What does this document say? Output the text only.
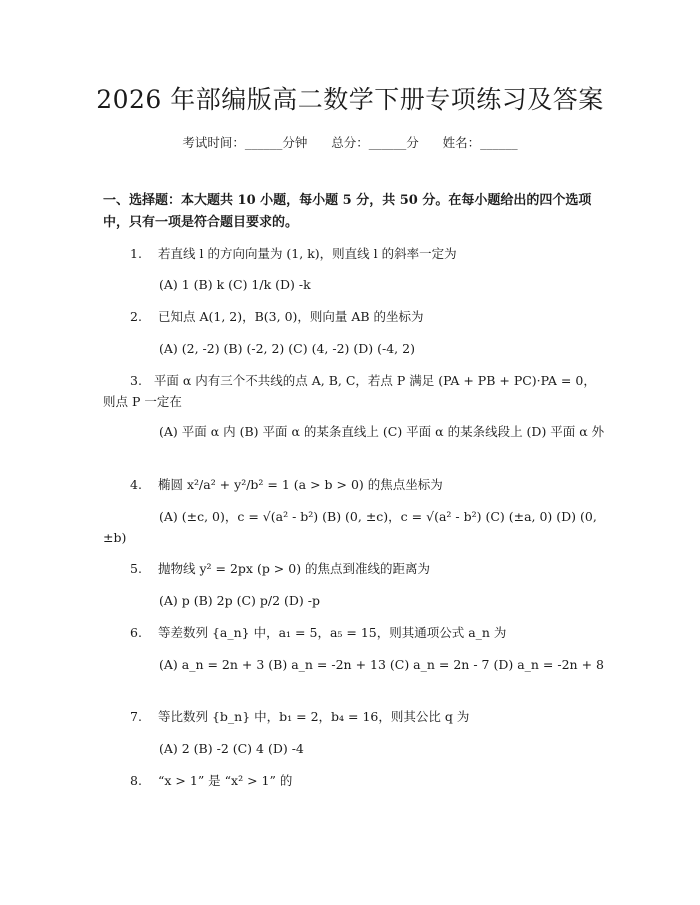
2026 年部编版高二数学下册专项练习及答案
考试时间：______分钟      总分：______分      姓名：______
一、选择题：本大题共 10 小题，每小题 5 分，共 50 分。在每小题给出的四个选项中，只有一项是符合题目要求的。
1. 若直线 l 的方向向量为 (1, k)，则直线 l 的斜率一定为
(A) 1 (B) k (C) 1/k (D) -k
2. 已知点 A(1, 2)，B(3, 0)，则向量 AB 的坐标为
(A) (2, -2) (B) (-2, 2) (C) (4, -2) (D) (-4, 2)
3. 平面 α 内有三个不共线的点 A, B, C，若点 P 满足 (PA + PB + PC)·PA = 0，则点 P 一定在
(A) 平面 α 内 (B) 平面 α 的某条直线上 (C) 平面 α 的某条线段上 (D) 平面 α 外
4. 椭圆 x²/a² + y²/b² = 1 (a > b > 0) 的焦点坐标为
(A) (±c, 0)，c = √(a² - b²) (B) (0, ±c)，c = √(a² - b²) (C) (±a, 0) (D) (0, ±b)
5. 抛物线 y² = 2px (p > 0) 的焦点到准线的距离为
(A) p (B) 2p (C) p/2 (D) -p
6. 等差数列 {a_n} 中，a₁ = 5，a₅ = 15，则其通项公式 a_n 为
(A) a_n = 2n + 3 (B) a_n = -2n + 13 (C) a_n = 2n - 7 (D) a_n = -2n + 8
7. 等比数列 {b_n} 中，b₁ = 2，b₄ = 16，则其公比 q 为
(A) 2 (B) -2 (C) 4 (D) -4
8. “x > 1” 是 “x² > 1” 的
